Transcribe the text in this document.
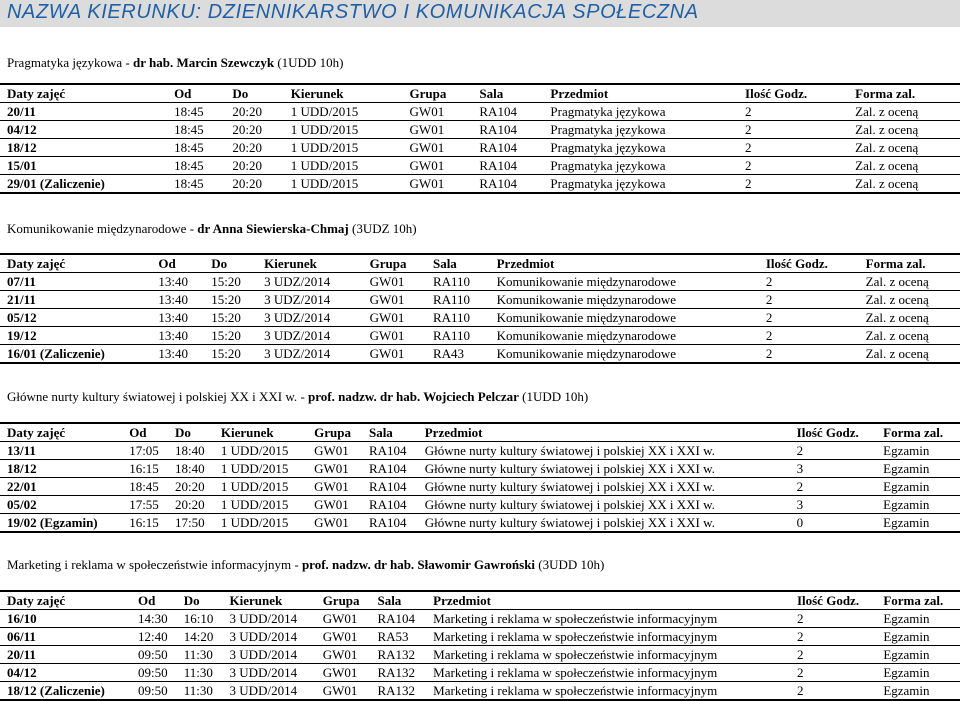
NAZWA KIERUNKU: DZIENNIKARSTWO I KOMUNIKACJA SPOŁECZNA
Pragmatyka językowa - dr hab. Marcin Szewczyk (1UDD 10h)
Daty zajęć	Od	Do	Kierunek	Grupa	Sala	Przedmiot	Ilość Godz.	Forma zal.
20/11	18:45	20:20	1 UDD/2015	GW01	RA104	Pragmatyka językowa	2	Zal. z oceną
04/12	18:45	20:20	1 UDD/2015	GW01	RA104	Pragmatyka językowa	2	Zal. z oceną
18/12	18:45	20:20	1 UDD/2015	GW01	RA104	Pragmatyka językowa	2	Zal. z oceną
15/01	18:45	20:20	1 UDD/2015	GW01	RA104	Pragmatyka językowa	2	Zal. z oceną
29/01 (Zaliczenie)	18:45	20:20	1 UDD/2015	GW01	RA104	Pragmatyka językowa	2	Zal. z oceną
Komunikowanie międzynarodowe - dr Anna Siewierska-Chmaj (3UDZ 10h)
Daty zajęć	Od	Do	Kierunek	Grupa	Sala	Przedmiot	Ilość Godz.	Forma zal.
07/11	13:40	15:20	3 UDZ/2014	GW01	RA110	Komunikowanie międzynarodowe	2	Zal. z oceną
21/11	13:40	15:20	3 UDZ/2014	GW01	RA110	Komunikowanie międzynarodowe	2	Zal. z oceną
05/12	13:40	15:20	3 UDZ/2014	GW01	RA110	Komunikowanie międzynarodowe	2	Zal. z oceną
19/12	13:40	15:20	3 UDZ/2014	GW01	RA110	Komunikowanie międzynarodowe	2	Zal. z oceną
16/01 (Zaliczenie)	13:40	15:20	3 UDZ/2014	GW01	RA43	Komunikowanie międzynarodowe	2	Zal. z oceną
Główne nurty kultury światowej i polskiej XX i XXI w. - prof. nadzw. dr hab. Wojciech Pelczar (1UDD 10h)
Daty zajęć	Od	Do	Kierunek	Grupa	Sala	Przedmiot	Ilość Godz.	Forma zal.
13/11	17:05	18:40	1 UDD/2015	GW01	RA104	Główne nurty kultury światowej i polskiej XX i XXI w.	2	Egzamin
18/12	16:15	18:40	1 UDD/2015	GW01	RA104	Główne nurty kultury światowej i polskiej XX i XXI w.	3	Egzamin
22/01	18:45	20:20	1 UDD/2015	GW01	RA104	Główne nurty kultury światowej i polskiej XX i XXI w.	2	Egzamin
05/02	17:55	20:20	1 UDD/2015	GW01	RA104	Główne nurty kultury światowej i polskiej XX i XXI w.	3	Egzamin
19/02 (Egzamin)	16:15	17:50	1 UDD/2015	GW01	RA104	Główne nurty kultury światowej i polskiej XX i XXI w.	0	Egzamin
Marketing i reklama w społeczeństwie informacyjnym - prof. nadzw. dr hab. Sławomir Gawroński (3UDD 10h)
Daty zajęć	Od	Do	Kierunek	Grupa	Sala	Przedmiot	Ilość Godz.	Forma zal.
16/10	14:30	16:10	3 UDD/2014	GW01	RA104	Marketing i reklama w społeczeństwie informacyjnym	2	Egzamin
06/11	12:40	14:20	3 UDD/2014	GW01	RA53	Marketing i reklama w społeczeństwie informacyjnym	2	Egzamin
20/11	09:50	11:30	3 UDD/2014	GW01	RA132	Marketing i reklama w społeczeństwie informacyjnym	2	Egzamin
04/12	09:50	11:30	3 UDD/2014	GW01	RA132	Marketing i reklama w społeczeństwie informacyjnym	2	Egzamin
18/12 (Zaliczenie)	09:50	11:30	3 UDD/2014	GW01	RA132	Marketing i reklama w społeczeństwie informacyjnym	2	Egzamin
